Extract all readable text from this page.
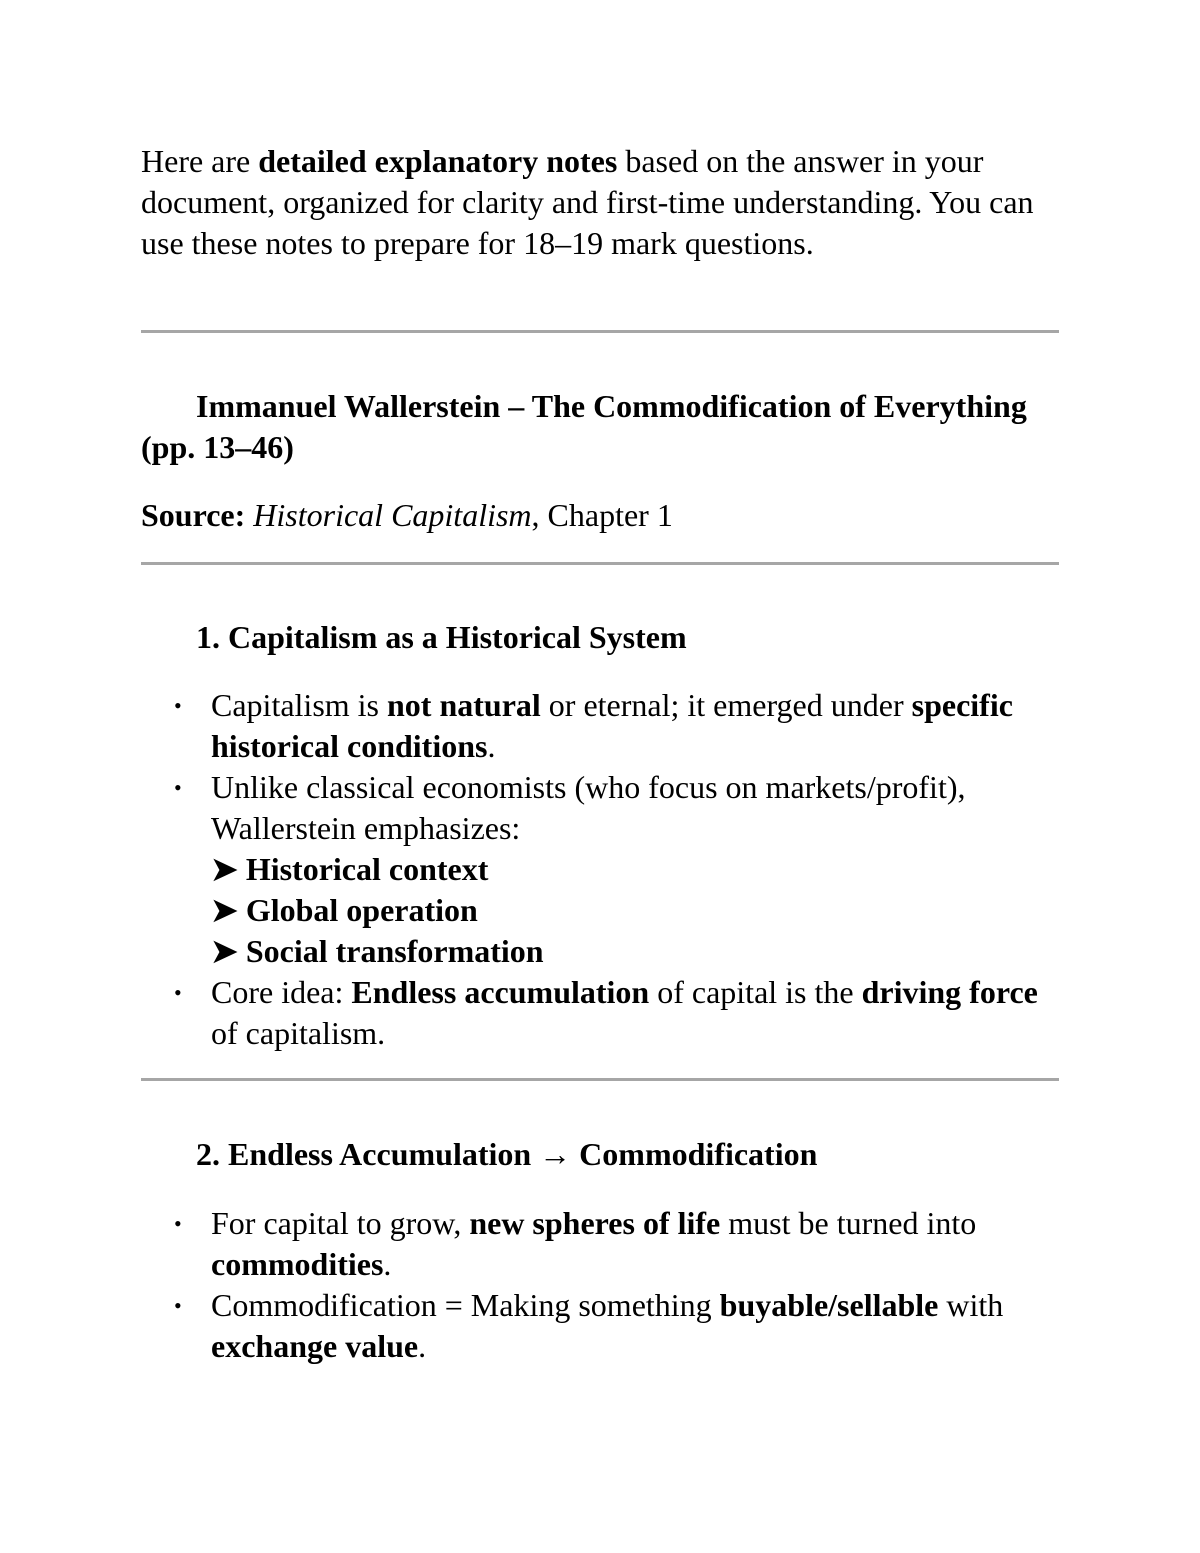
Here are detailed explanatory notes based on the answer in your document, organized for clarity and first-time understanding. You can use these notes to prepare for 18–19 mark questions.

Immanuel Wallerstein – The Commodification of Everything (pp. 13–46)

Source: Historical Capitalism, Chapter 1

1. Capitalism as a Historical System

• Capitalism is not natural or eternal; it emerged under specific historical conditions.
• Unlike classical economists (who focus on markets/profit), Wallerstein emphasizes:
➤ Historical context
➤ Global operation
➤ Social transformation
• Core idea: Endless accumulation of capital is the driving force of capitalism.

2. Endless Accumulation → Commodification

• For capital to grow, new spheres of life must be turned into commodities.
• Commodification = Making something buyable/sellable with exchange value.
